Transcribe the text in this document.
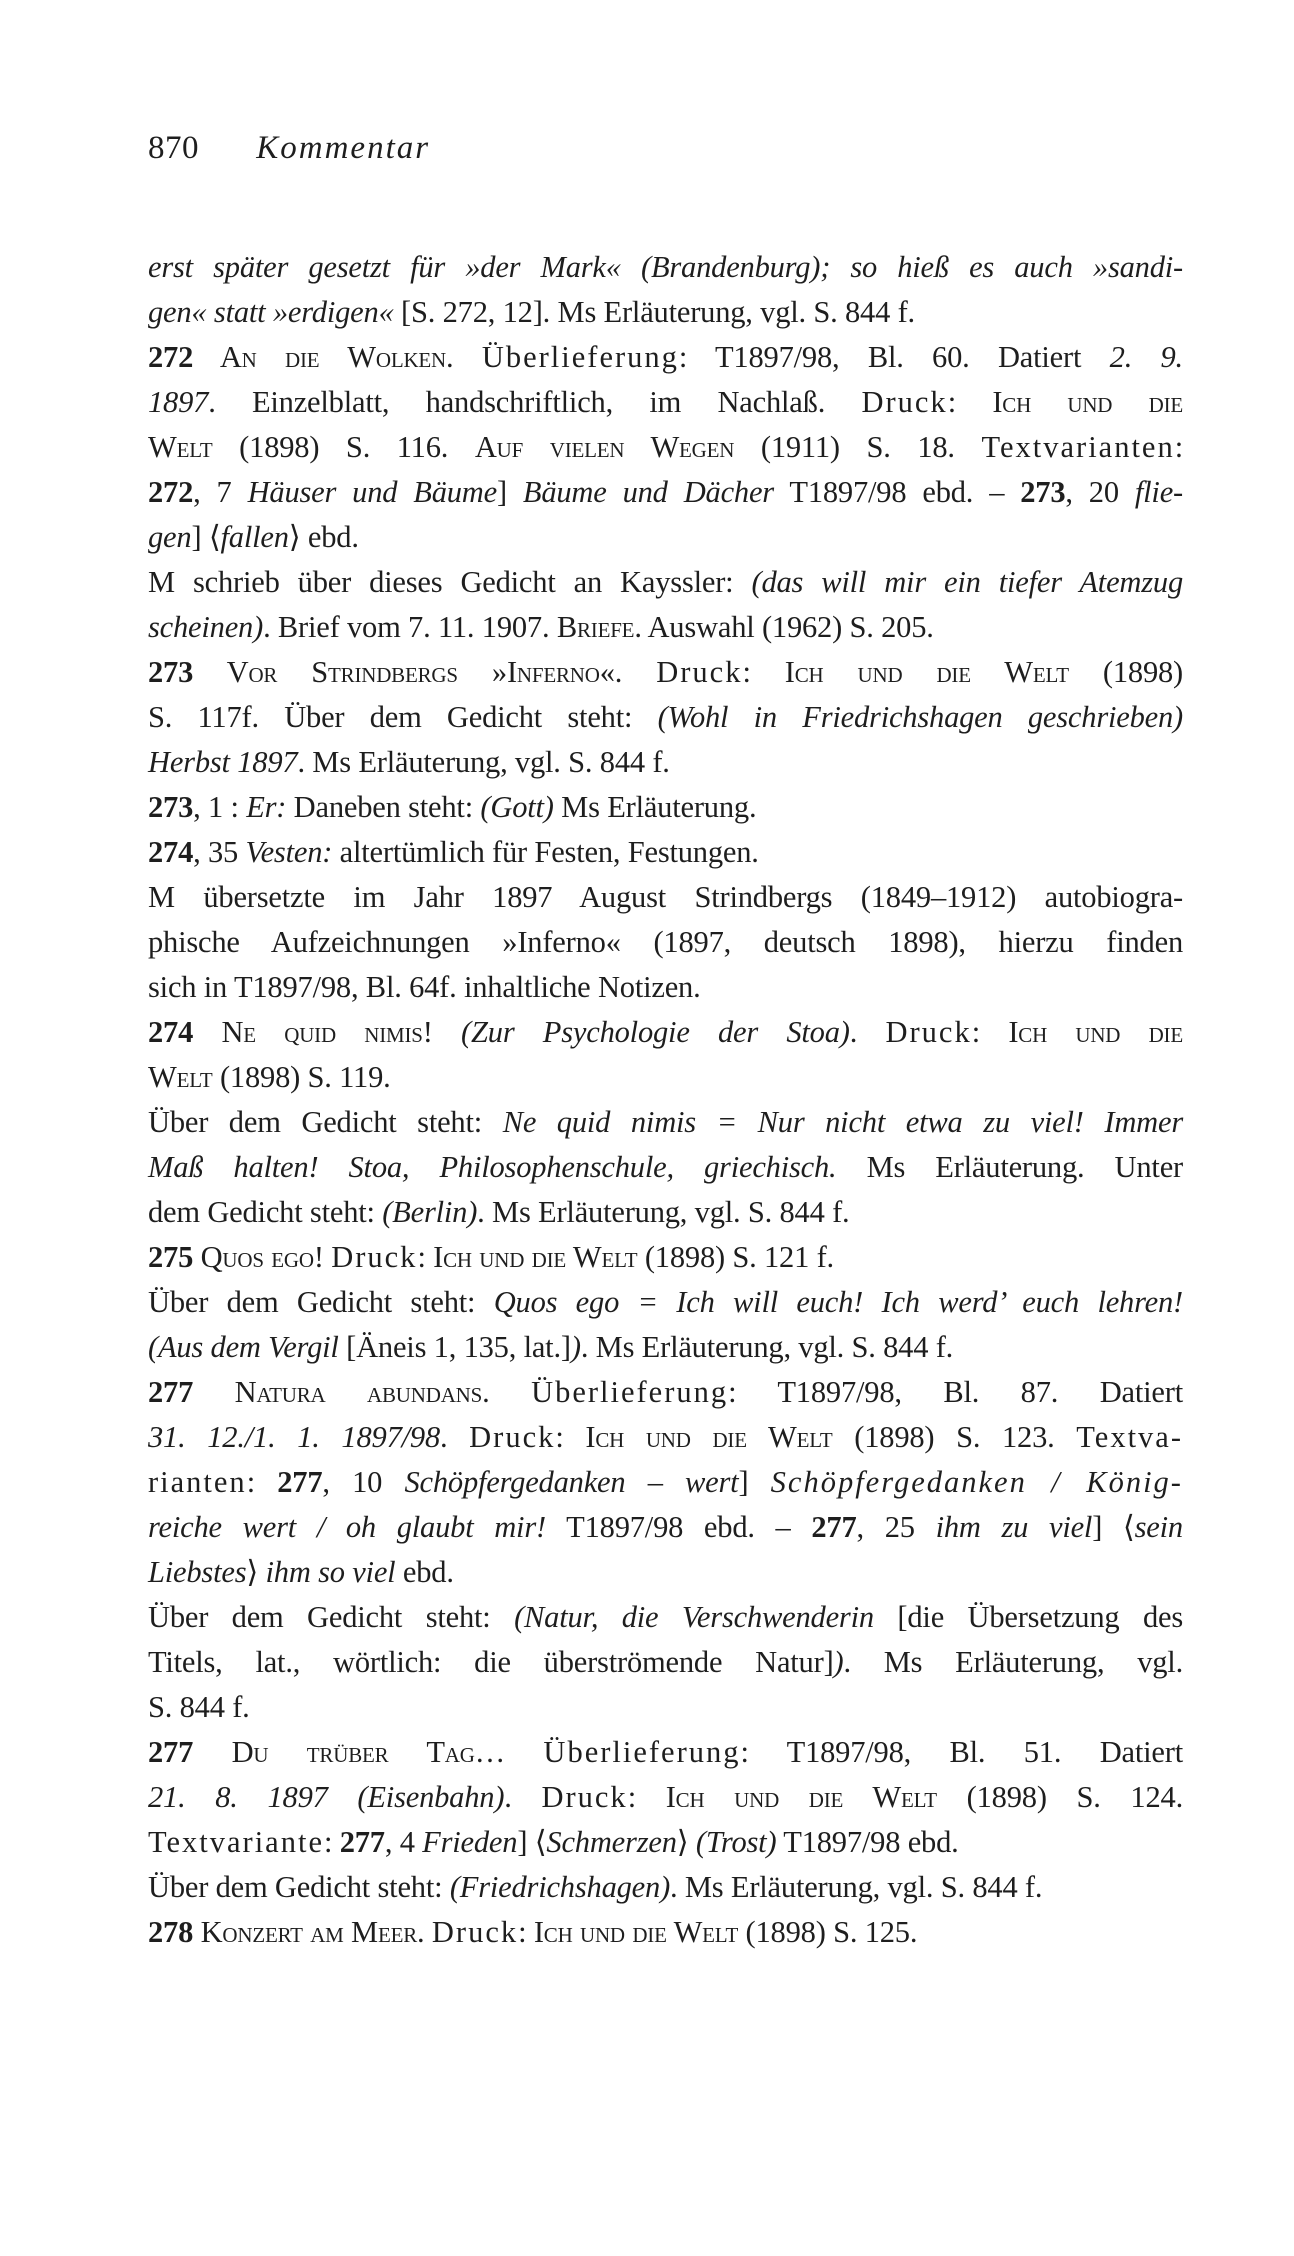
870 Kommentar
erst später gesetzt für »der Mark« (Brandenburg); so hieß es auch »sandi-
gen« statt »erdigen« [S. 272, 12]. Ms Erläuterung, vgl. S. 844 f.
272 An die Wolken. Überlieferung: T1897/98, Bl. 60. Datiert 2. 9.
1897. Einzelblatt, handschriftlich, im Nachlaß. Druck: Ich und die
Welt (1898) S. 116. Auf vielen Wegen (1911) S. 18. Textvarianten:
272, 7 Häuser und Bäume] Bäume und Dächer T1897/98 ebd. – 273, 20 flie-
gen] ⟨fallen⟩ ebd.
M schrieb über dieses Gedicht an Kayssler: (das will mir ein tiefer Atemzug
scheinen). Brief vom 7. 11. 1907. Briefe. Auswahl (1962) S. 205.
273 Vor Strindbergs »Inferno«. Druck: Ich und die Welt (1898)
S. 117f. Über dem Gedicht steht: (Wohl in Friedrichshagen geschrieben)
Herbst 1897. Ms Erläuterung, vgl. S. 844 f.
273, 1 : Er: Daneben steht: (Gott) Ms Erläuterung.
274, 35 Vesten: altertümlich für Festen, Festungen.
M übersetzte im Jahr 1897 August Strindbergs (1849–1912) autobiogra-
phische Aufzeichnungen »Inferno« (1897, deutsch 1898), hierzu finden
sich in T1897/98, Bl. 64f. inhaltliche Notizen.
274 Ne quid nimis! (Zur Psychologie der Stoa). Druck: Ich und die
Welt (1898) S. 119.
Über dem Gedicht steht: Ne quid nimis = Nur nicht etwa zu viel! Immer
Maß halten! Stoa, Philosophenschule, griechisch. Ms Erläuterung. Unter
dem Gedicht steht: (Berlin). Ms Erläuterung, vgl. S. 844 f.
275 Quos ego! Druck: Ich und die Welt (1898) S. 121 f.
Über dem Gedicht steht: Quos ego = Ich will euch! Ich werd’ euch lehren!
(Aus dem Vergil [Äneis 1, 135, lat.]). Ms Erläuterung, vgl. S. 844 f.
277 Natura abundans. Überlieferung: T1897/98, Bl. 87. Datiert
31. 12./1. 1. 1897/98. Druck: Ich und die Welt (1898) S. 123. Textva-
rianten: 277, 10 Schöpfergedanken – wert] Schöpfergedanken / König-
reiche wert / oh glaubt mir! T1897/98 ebd. – 277, 25 ihm zu viel] ⟨sein
Liebstes⟩ ihm so viel ebd.
Über dem Gedicht steht: (Natur, die Verschwenderin [die Übersetzung des
Titels, lat., wörtlich: die überströmende Natur]). Ms Erläuterung, vgl.
S. 844 f.
277 Du trüber Tag… Überlieferung: T1897/98, Bl. 51. Datiert
21. 8. 1897 (Eisenbahn). Druck: Ich und die Welt (1898) S. 124.
Textvariante: 277, 4 Frieden] ⟨Schmerzen⟩ (Trost) T1897/98 ebd.
Über dem Gedicht steht: (Friedrichshagen). Ms Erläuterung, vgl. S. 844 f.
278 Konzert am Meer. Druck: Ich und die Welt (1898) S. 125.
